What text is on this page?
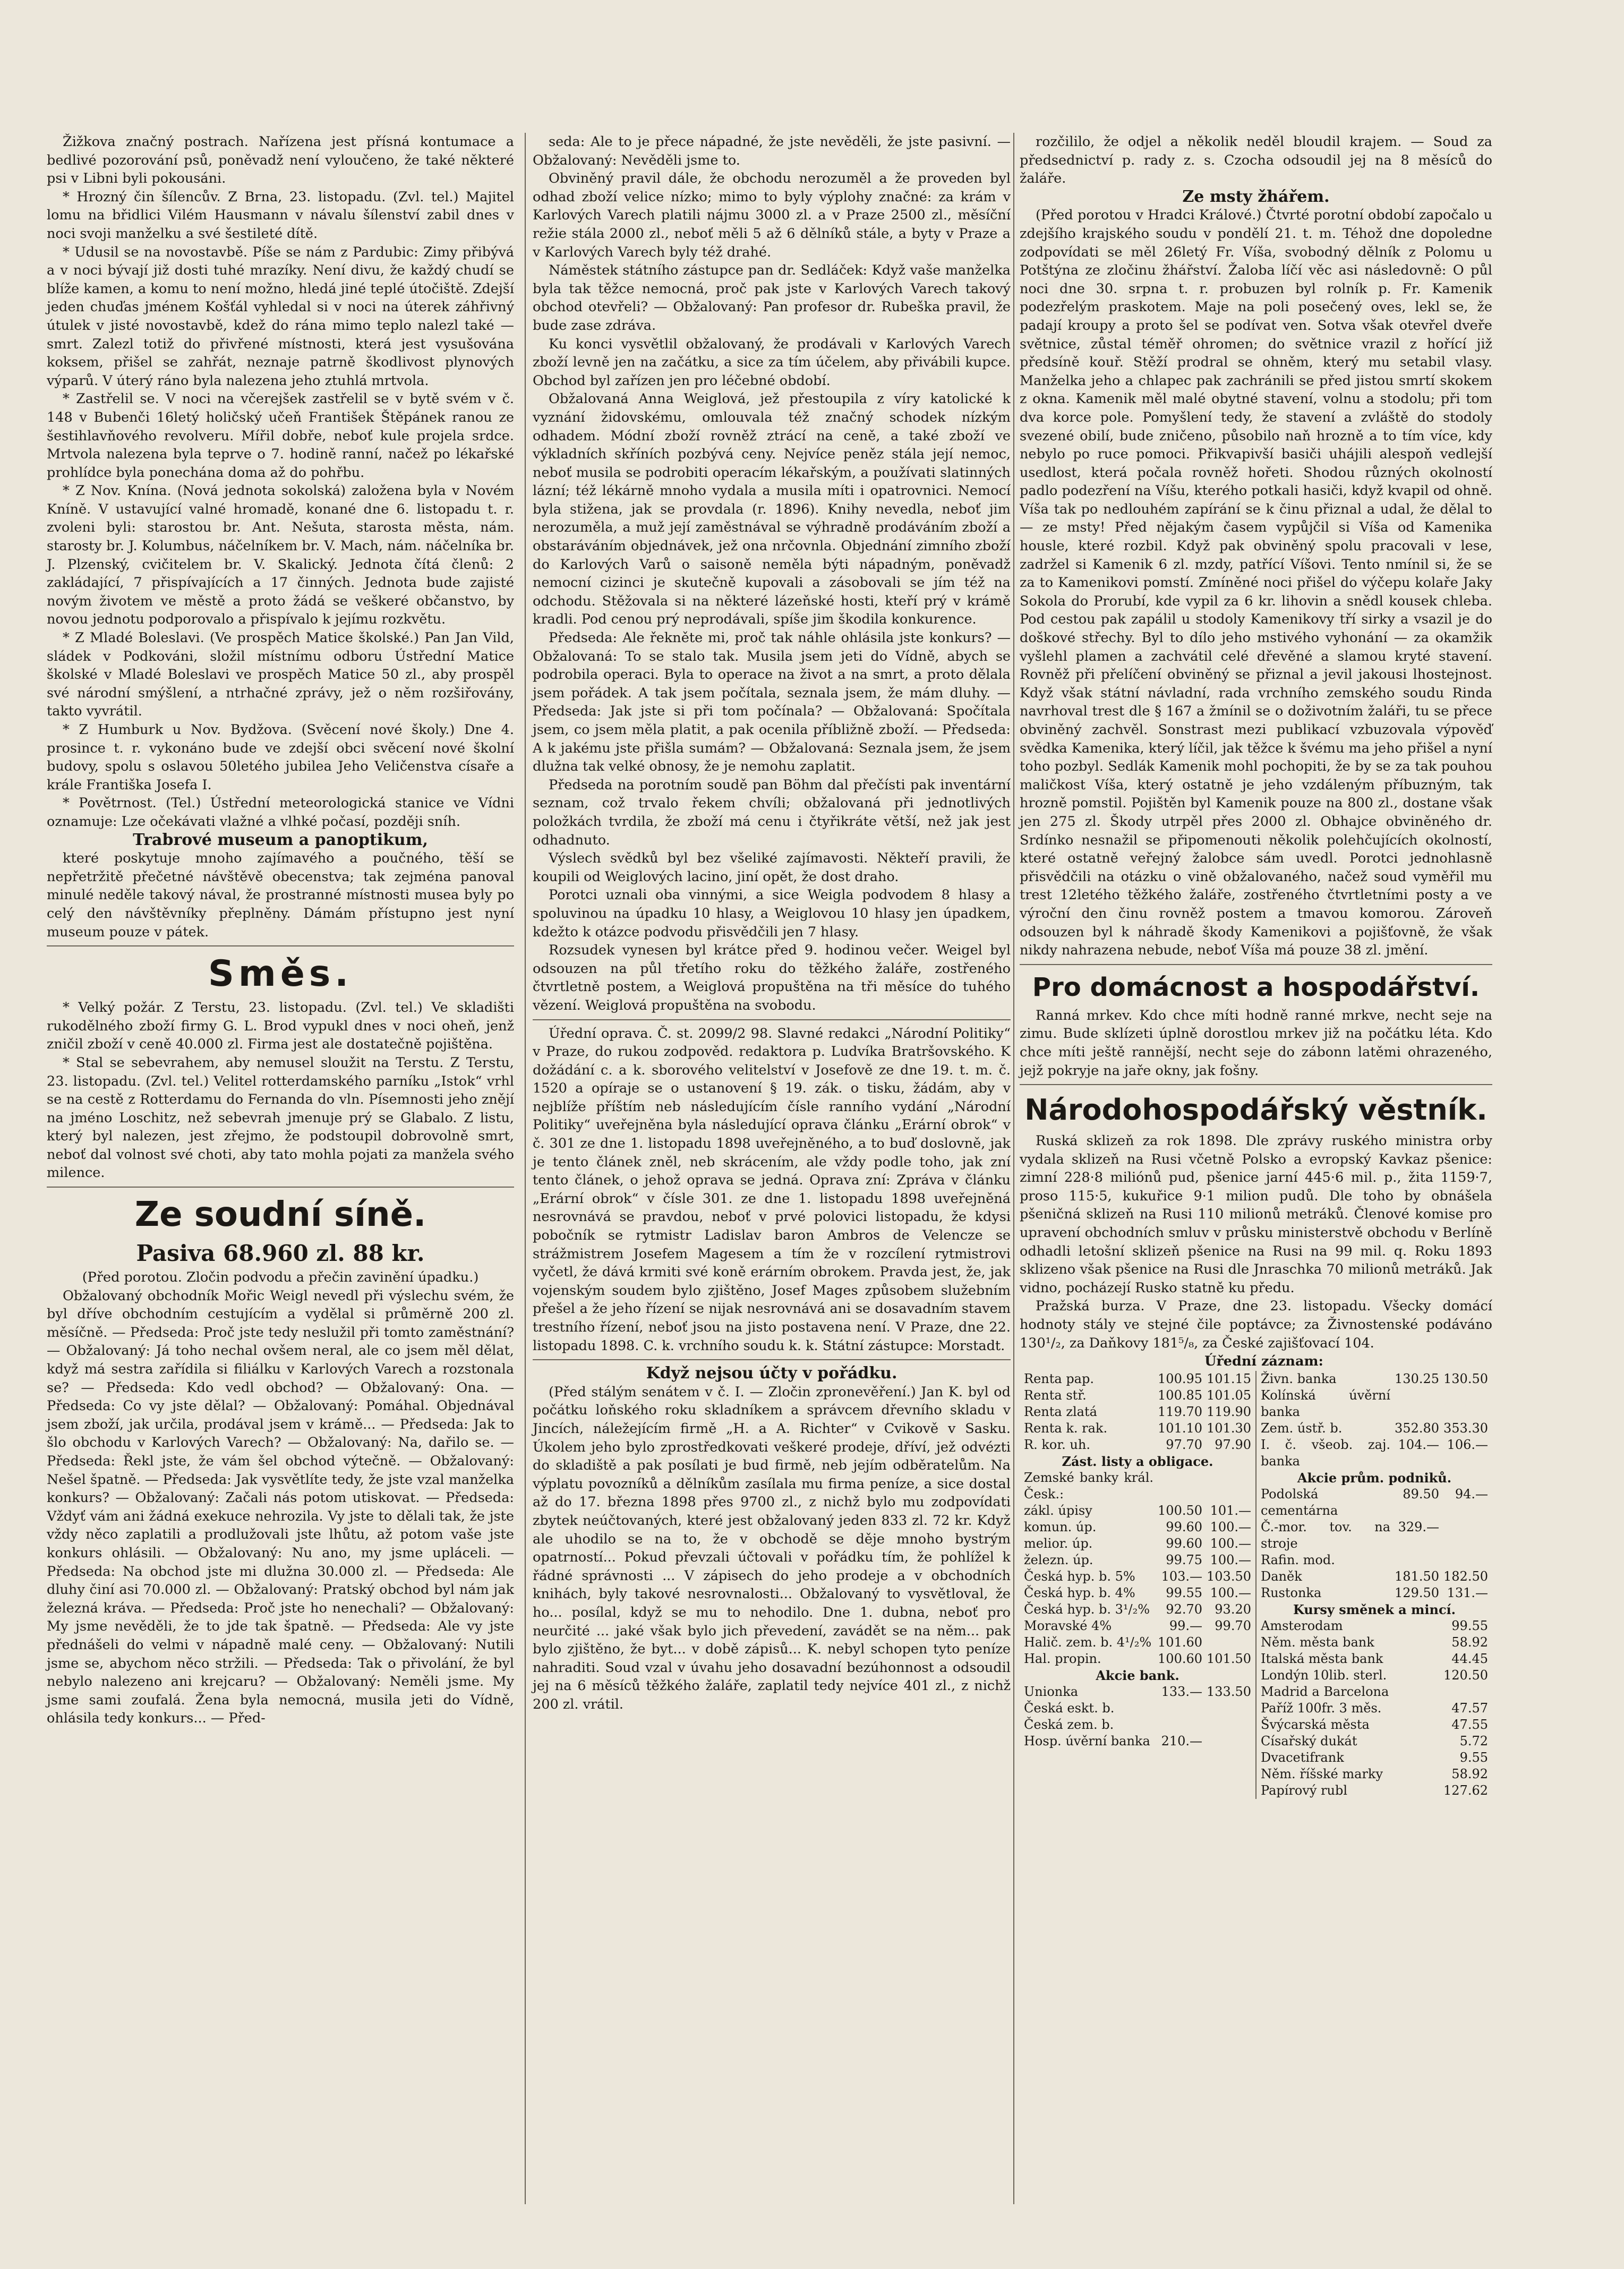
Žižkova značný postrach. Nařízena jest přísná kontumace a bedlivé pozorování psů, poněvadž není vyloučeno, že také některé psi v Libni byli pokousáni.

* Hrozný čin šílencův. Z Brna, 23. listopadu. (Zvl. tel.) Majitel lomu na břidlici Vilém Hausmann v návalu šílenství zabil dnes v noci svoji manželku a své šestileté dítě.

* Udusil se na novostavbě. Píše se nám z Pardubic: Zimy přibývá a v noci bývají již dosti tuhé mrazíky. Není divu, že každý chudí se blíže kamen, a komu to není možno, hledá jiné teplé útočiště. Zdejší jeden chuďas jménem Košťál vyhledal si v noci na úterek záhřivný útulek v jisté novostavbě, kdež do rána mimo teplo nalezl také — smrt. Zalezl totiž do přivřené místnosti, která jest vysušována koksem, přišel se zahřát, neznaje patrně škodlivost plynových výparů. V úterý ráno byla nalezena jeho ztuhlá mrtvola.

* Zastřelil se. V noci na včerejšek zastřelil se v bytě svém v č. 148 v Bubenči 16letý holičský učeň František Štěpánek ranou ze šestihlavňového revolveru. Mířil dobře, neboť kule projela srdce. Mrtvola nalezena byla teprve o 7. hodině ranní, načež po lékařské prohlídce byla ponechána doma až do pohřbu.

* Z Nov. Knína. (Nová jednota sokolská) založena byla v Novém Kníně. V ustavující valné hromadě, konané dne 6. listopadu t. r. zvoleni byli: starostou br. Ant. Nešuta, starosta města, nám. starosty br. J. Kolumbus, náčelníkem br. V. Mach, nám. náčelníka br. J. Plzenský, cvičitelem br. V. Skalický. Jednota čítá členů: 2 zakládající, 7 přispívajících a 17 činných. Jednota bude zajisté novým životem ve městě a proto žádá se veškeré občanstvo, by novou jednotu podporovalo a přispívalo k jejímu rozkvětu.

* Z Mladé Boleslavi. (Ve prospěch Matice školské.) Pan Jan Vild, sládek v Podkováni, složil místnímu odboru Ústřední Matice školské v Mladé Boleslavi ve prospěch Matice 50 zl., aby prospěl své národní smýšlení, a ntrhačné zprávy, jež o něm rozšiřovány, takto vyvrátil.

* Z Humburk u Nov. Bydžova. (Svěcení nové školy.) Dne 4. prosince t. r. vykonáno bude ve zdejší obci svěcení nové školní budovy, spolu s oslavou 50letého jubilea Jeho Veličenstva císaře a krále Františka Josefa I.

* Povětrnost. (Tel.) Ústřední meteorologická stanice ve Vídni oznamuje: Lze očekávati vlažné a vlhké počasí, později sníh.

Trabrové museum a panoptikum,

které poskytuje mnoho zajímavého a poučného, těší se nepřetržitě přečetné návštěvě obecenstva; tak zejména panoval minulé neděle takový nával, že prostranné místnosti musea byly po celý den návštěvníky přeplněny. Dámám přístupno jest nyní museum pouze v pátek.

Směs.

* Velký požár. Z Terstu, 23. listopadu. (Zvl. tel.) Ve skladišti rukodělného zboží firmy G. L. Brod vypukl dnes v noci oheň, jenž zničil zboží v ceně 40.000 zl. Firma jest ale dostatečně pojištěna.

* Stal se sebevrahem, aby nemusel sloužit na Terstu. Z Terstu, 23. listopadu. (Zvl. tel.) Velitel rotterdamského parníku „Istok“ vrhl se na cestě z Rotterdamu do Fernanda do vln. Písemnosti jeho znějí na jméno Loschitz, než sebevrah jmenuje prý se Glabalo. Z listu, který byl nalezen, jest zřejmo, že podstoupil dobrovolně smrt, neboť dal volnost své choti, aby tato mohla pojati za manžela svého milence.

Ze soudní síně.
Pasiva 68.960 zl. 88 kr.

(Před porotou. Zločin podvodu a přečin zavinění úpadku.)

Obžalovaný obchodník Mořic Weigl nevedl při výslechu svém, že byl dříve obchodním cestujícím a vydělal si průměrně 200 zl. měsíčně. — Předseda: Proč jste tedy neslužil při tomto zaměstnání? — Obžalovaný: Já toho nechal ovšem neral, ale co jsem měl dělat, když má sestra zařídila si filiálku v Karlových Varech a rozstonala se? — Předseda: Kdo vedl obchod? — Obžalovaný: Ona. — Předseda: Co vy jste dělal? — Obžalovaný: Pomáhal. Objednával jsem zboží, jak určila, prodával jsem v krámě... — Předseda: Jak to šlo obchodu v Karlových Varech? — Obžalovaný: Na, dařilo se. — Předseda: Řekl jste, že vám šel obchod výtečně. — Obžalovaný: Nešel špatně. — Předseda: Jak vysvětlíte tedy, že jste vzal manželka konkurs? — Obžalovaný: Začali nás potom utiskovat. — Předseda: Vždyť vám ani žádná exekuce nehrozila. Vy jste to dělali tak, že jste vždy něco zaplatili a prodlužovali jste lhůtu, až potom vaše jste konkurs ohlásili. — Obžalovaný: Nu ano, my jsme upláceli. — Předseda: Na obchod jste mi dlužna 30.000 zl. — Předseda: Ale dluhy činí asi 70.000 zl. — Obžalovaný: Pratský obchod byl nám jak železná kráva. — Předseda: Proč jste ho nenechali? — Obžalovaný: My jsme nevěděli, že to jde tak špatně. — Předseda: Ale vy jste přednášeli do velmi v nápadně malé ceny. — Obžalovaný: Nutili jsme se, abychom něco stržili. — Předseda: Tak o přivolání, že byl nebylo nalezeno ani krejcaru? — Obžalovaný: Neměli jsme. My jsme sami zoufalá. Žena byla nemocná, musila jeti do Vídně, ohlásila tedy konkurs... — Před-

seda: Ale to je přece nápadné, že jste nevěděli, že jste pasivní. — Obžalovaný: Nevěděli jsme to.

Obviněný pravil dále, že obchodu nerozuměl a že proveden byl odhad zboží velice nízko; mimo to byly výplohy značné: za krám v Karlových Varech platili nájmu 3000 zl. a v Praze 2500 zl., měsíční režie stála 2000 zl., neboť měli 5 až 6 dělníků stále, a byty v Praze a v Karlových Varech byly též drahé.

Náměstek státního zástupce pan dr. Sedláček: Když vaše manželka byla tak těžce nemocná, proč pak jste v Karlových Varech takový obchod otevřeli? — Obžalovaný: Pan profesor dr. Rubeška pravil, že bude zase zdráva.

Ku konci vysvětlil obžalovaný, že prodávali v Karlových Varech zboží levně jen na začátku, a sice za tím účelem, aby přivábili kupce. Obchod byl zařízen jen pro léčebné období.

Obžalovaná Anna Weiglová, jež přestoupila z víry katolické k vyznání židovskému, omlouvala též značný schodek nízkým odhadem. Módní zboží rovněž ztrácí na ceně, a také zboží ve výkladních skříních pozbývá ceny. Nejvíce peněz stála její nemoc, neboť musila se podrobiti operacím lékařským, a používati slatinných lázní; též lékárně mnoho vydala a musila míti i opatrovnici. Nemocí byla stižena, jak se provdala (r. 1896). Knihy nevedla, neboť jim nerozuměla, a muž její zaměstnával se výhradně prodáváním zboží a obstaráváním objednávek, jež ona nrčovnla. Objednání zimního zboží do Karlových Varů o saisoně neměla býti nápadným, poněvadž nemocní cizinci je skutečně kupovali a zásobovali se jím též na odchodu. Stěžovala si na některé lázeňské hosti, kteří prý v krámě kradli. Pod cenou prý neprodávali, spíše jim škodila konkurence.

Předseda: Ale řekněte mi, proč tak náhle ohlásila jste konkurs? — Obžalovaná: To se stalo tak. Musila jsem jeti do Vídně, abych se podrobila operaci. Byla to operace na život a na smrt, a proto dělala jsem pořádek. A tak jsem počítala, seznala jsem, že mám dluhy. — Předseda: Jak jste si při tom počínala? — Obžalovaná: Spočítala jsem, co jsem měla platit, a pak ocenila příbližně zboží. — Předseda: A k jakému jste přišla sumám? — Obžalovaná: Seznala jsem, že jsem dlužna tak velké obnosy, že je nemohu zaplatit.

Předseda na porotním soudě pan Böhm dal přečísti pak inventární seznam, což trvalo řekem chvíli; obžalovaná při jednotlivých položkách tvrdila, že zboží má cenu i čtyřikráte větší, než jak jest odhadnuto.

Výslech svědků byl bez všeliké zajímavosti. Někteří pravili, že koupili od Weiglových lacino, jiní opět, že dost draho.

Porotci uznali oba vinnými, a sice Weigla podvodem 8 hlasy a spoluvinou na úpadku 10 hlasy, a Weiglovou 10 hlasy jen úpadkem, kdežto k otázce podvodu přisvědčili jen 7 hlasy.

Rozsudek vynesen byl krátce před 9. hodinou večer. Weigel byl odsouzen na půl třetího roku do těžkého žaláře, zostřeného čtvrtletně postem, a Weiglová propuštěna na tři měsíce do tuhého vězení. Weiglová propuštěna na svobodu.

Úřední oprava. Č. st. 2099/2 98. Slavné redakci „Národní Politiky“ v Praze, do rukou zodpověd. redaktora p. Ludvíka Bratršovského. K dožádání c. a k. sborového velitelství v Josefově ze dne 19. t. m. č. 1520 a opíraje se o ustanovení § 19. zák. o tisku, žádám, aby v nejblíže příštím neb následujícím čísle ranního vydání „Národní Politiky“ uveřejněna byla následující oprava článku „Erární obrok“ v č. 301 ze dne 1. listopadu 1898 uveřejněného, a to buď doslovně, jak je tento článek zněl, neb skrácením, ale vždy podle toho, jak zní tento článek, o jehož oprava se jedná. Oprava zní: Zpráva v článku „Erární obrok“ v čísle 301. ze dne 1. listopadu 1898 uveřejněná nesrovnává se pravdou, neboť v prvé polovici listopadu, že kdysi pobočník se rytmistr Ladislav baron Ambros de Velencze se strážmistrem Josefem Magesem a tím že v rozcílení rytmistrovi vyčetl, že dává krmiti své koně erárním obrokem. Pravda jest, že, jak vojenským soudem bylo zjištěno, Josef Mages způsobem služebním přešel a že jeho řízení se nijak nesrovnává ani se dosavadním stavem trestního řízení, neboť jsou na jisto postavena není. V Praze, dne 22. listopadu 1898. C. k. vrchního soudu k. k. Státní zástupce: Morstadt.

Když nejsou účty v pořádku.

(Před stálým senátem v č. I. — Zločin zpronevěření.) Jan K. byl od počátku loňského roku skladníkem a správcem dřevního skladu v Jincích, náležejícím firmě „H. a A. Richter“ v Cvikově v Sasku. Úkolem jeho bylo zprostředkovati veškeré prodeje, dříví, jež odvézti do skladiště a pak posílati je bud firmě, neb jejím odběratelům. Na výplatu povozníků a dělníkům zasílala mu firma peníze, a sice dostal až do 17. března 1898 přes 9700 zl., z nichž bylo mu zodpovídati zbytek neúčtovaných, které jest obžalovaný jeden 833 zl. 72 kr. Když ale uhodilo se na to, že v obchodě se děje mnoho bystrým opatrností... Pokud převzali účtovali v pořádku tím, že pohlížel k řádné správnosti ... V zápisech do jeho prodeje a v obchodních knihách, byly takové nesrovnalosti... Obžalovaný to vysvětloval, že ho... posílal, když se mu to nehodilo. Dne 1. dubna, neboť pro neurčité ... jaké však bylo jich převedení, zavádět se na něm... pak bylo zjištěno, že byt... v době zápisů... K. nebyl schopen tyto peníze nahraditi. Soud vzal v úvahu jeho dosavadní bezúhonnost a odsoudil jej na 6 měsíců těžkého žaláře, zaplatil tedy nejvíce 401 zl., z nichž 200 zl. vrátil.

rozčililo, že odjel a několik neděl bloudil krajem. — Soud za předsednictví p. rady z. s. Czocha odsoudil jej na 8 měsíců do žaláře.

Ze msty žhářem.

(Před porotou v Hradci Králové.) Čtvrté porotní období započalo u zdejšího krajského soudu v pondělí 21. t. m. Téhož dne dopoledne zodpovídati se měl 26letý Fr. Víša, svobodný dělník z Polomu u Potštýna ze zločinu žhářství. Žaloba líčí věc asi následovně: O půl noci dne 30. srpna t. r. probuzen byl rolník p. Fr. Kamenik podezřelým praskotem. Maje na poli posečený oves, lekl se, že padají kroupy a proto šel se podívat ven. Sotva však otevřel dveře světnice, zůstal téměř ohromen; do světnice vrazil z hořící již předsíně kouř. Stěží prodral se ohněm, který mu setabil vlasy. Manželka jeho a chlapec pak zachránili se před jistou smrtí skokem z okna. Kamenik měl malé obytné stavení, volnu a stodolu; při tom dva korce pole. Pomyšlení tedy, že stavení a zvláště do stodoly svezené obilí, bude zničeno, působilo naň hrozně a to tím více, kdy nebylo po ruce pomoci. Přikvapivší basiči uhájili alespoň vedlejší usedlost, která počala rovněž hořeti. Shodou různých okolností padlo podezření na Víšu, kterého potkali hasiči, když kvapil od ohně. Víša tak po nedlouhém zapírání se k činu přiznal a udal, že dělal to — ze msty! Před nějakým časem vypůjčil si Víša od Kamenika housle, které rozbil. Když pak obviněný spolu pracovali v lese, zadržel si Kamenik 6 zl. mzdy, patřící Víšovi. Tento nmínil si, že se za to Kamenikovi pomstí. Zmíněné noci přišel do výčepu kolaře Jaky Sokola do Prorubí, kde vypil za 6 kr. lihovin a snědl kousek chleba. Pod cestou pak zapálil u stodoly Kamenikovy tří sirky a vsazil je do doškové střechy. Byl to dílo jeho mstivého vyhonání — za okamžik vyšlehl plamen a zachvátil celé dřevěné a slamou kryté stavení. Rovněž při přelíčení obviněný se přiznal a jevil jakousi lhostejnost. Když však státní návladní, rada vrchního zemského soudu Rinda navrhoval trest dle § 167 a žmínil se o doživotním žaláři, tu se přece obviněný zachvěl. Sonstrast mezi publikací vzbuzovala výpověď svědka Kamenika, který líčil, jak těžce k švému ma jeho přišel a nyní toho pozbyl. Sedlák Kamenik mohl pochopiti, že by se za tak pouhou maličkost Víša, který ostatně je jeho vzdáleným příbuzným, tak hrozně pomstil. Pojištěn byl Kamenik pouze na 800 zl., dostane však jen 275 zl. Škody utrpěl přes 2000 zl. Obhajce obviněného dr. Srdínko nesnažil se připomenouti několik polehčujících okolností, které ostatně veřejný žalobce sám uvedl. Porotci jednohlasně přisvědčili na otázku o vině obžalovaného, načež soud vyměřil mu trest 12letého těžkého žaláře, zostřeného čtvrtletními posty a ve výroční den činu rovněž postem a tmavou komorou. Zároveň odsouzen byl k náhradě škody Kamenikovi a pojišťovně, že však nikdy nahrazena nebude, neboť Víša má pouze 38 zl. jmění.

Pro domácnost a hospodářství.

Ranná mrkev. Kdo chce míti hodně ranné mrkve, necht seje na zimu. Bude sklízeti úplně dorostlou mrkev již na počátku léta. Kdo chce míti ještě rannější, necht seje do zábonn latěmi ohrazeného, jejž pokryje na jaře okny, jak fošny.

Národohospodářský věstník.

Ruská sklizeň za rok 1898. Dle zprávy ruského ministra orby vydala sklizeň na Rusi včetně Polsko a evropský Kavkaz pšenice: zimní 228·8 miliónů pud, pšenice jarní 445·6 mil. p., žita 1159·7, proso 115·5, kukuřice 9·1 milion pudů. Dle toho by obnášela pšeničná sklizeň na Rusi 110 milionů metráků. Členové komise pro upravení obchodních smluv v průsku ministerstvě obchodu v Berlíně odhadli letošní sklizeň pšenice na Rusi na 99 mil. q. Roku 1893 sklizeno však pšenice na Rusi dle Jnraschka 70 milionů metráků. Jak vidno, pocházejí Rusko statně ku předu.

Pražská burza. V Praze, dne 23. listopadu. Všecky domácí hodnoty stály ve stejné čile poptávce; za Živnostenské podáváno 130¹/₂, za Daňkovy 181⁵/₈, za České zajišťovací 104.

Úřední záznam:

Renta pap.	100.95	101.15
Renta stř.	100.85	101.05
Renta zlatá	119.70	119.90
Renta k. rak.	101.10	101.30
R. kor. uh.	97.70	97.90
Zást. listy a obligace.
Zemské banky král. Česk.:		
zákl. úpisy	100.50	101.—
komun. úp.	99.60	100.—
melior. úp.	99.60	100.—
železn. úp.	99.75	100.—
Česká hyp. b. 5%	103.—	103.50
Česká hyp. b. 4%	99.55	100.—
Česká hyp. b. 3¹/₂%	92.70	93.20
Moravské 4%	99.—	99.70
Halič. zem. b. 4¹/₂%	101.60	
Hal. propin.	100.60	101.50
Akcie bank.
Unionka	133.—	133.50
Česká eskt. b.		
Česká zem. b.		
Hosp. úvěrní banka	210.—	

Živn. banka	130.25	130.50
Kolínská úvěrní banka		
Zem. ústř. b.	352.80	353.30
I. č. všeob. zaj. banka	104.—	106.—
Akcie prům. podniků.
Podolská cementárna	89.50	94.—
Č.-mor. tov. na stroje	329.—	
Rafin. mod.		
Daněk	181.50	182.50
Rustonka	129.50	131.—
Kursy směnek a mincí.
Amsterodam		99.55
Něm. města bank		58.92
Italská města bank		44.45
Londýn 10lib. sterl.		120.50
Madrid a Barcelona		
Paříž 100fr. 3 měs.		47.57
Švýcarská města		47.55
Císařský dukát		5.72
Dvacetifrank		9.55
Něm. říšské marky		58.92
Papírový rubl		127.62
